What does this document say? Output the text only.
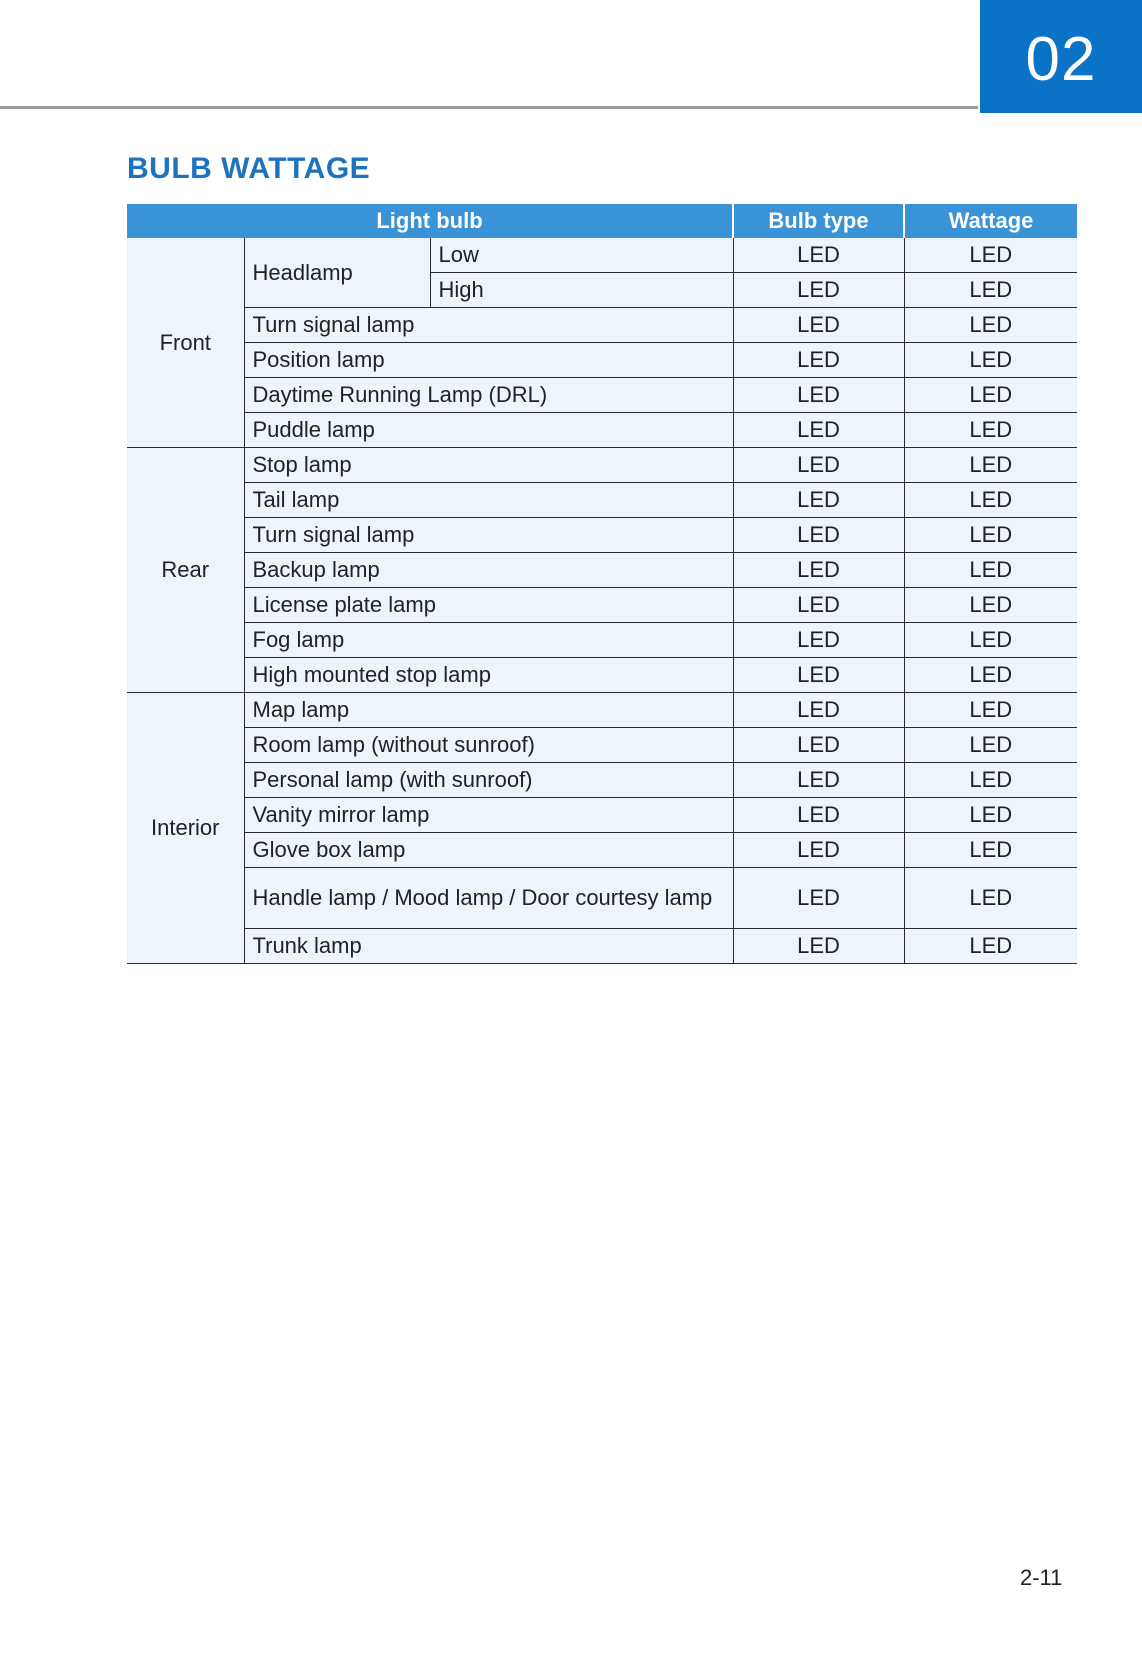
02
BULB WATTAGE
Light bulb			Bulb type	Wattage
Front	Headlamp	Low	LED	LED
		High	LED	LED
	Turn signal lamp		LED	LED
	Position lamp		LED	LED
	Daytime Running Lamp (DRL)		LED	LED
	Puddle lamp		LED	LED
Rear	Stop lamp		LED	LED
	Tail lamp		LED	LED
	Turn signal lamp		LED	LED
	Backup lamp		LED	LED
	License plate lamp		LED	LED
	Fog lamp		LED	LED
	High mounted stop lamp		LED	LED
Interior	Map lamp		LED	LED
	Room lamp (without sunroof)		LED	LED
	Personal lamp (with sunroof)		LED	LED
	Vanity mirror lamp		LED	LED
	Glove box lamp		LED	LED
	Handle lamp / Mood lamp / Door courtesy lamp		LED	LED
	Trunk lamp		LED	LED
2-11
